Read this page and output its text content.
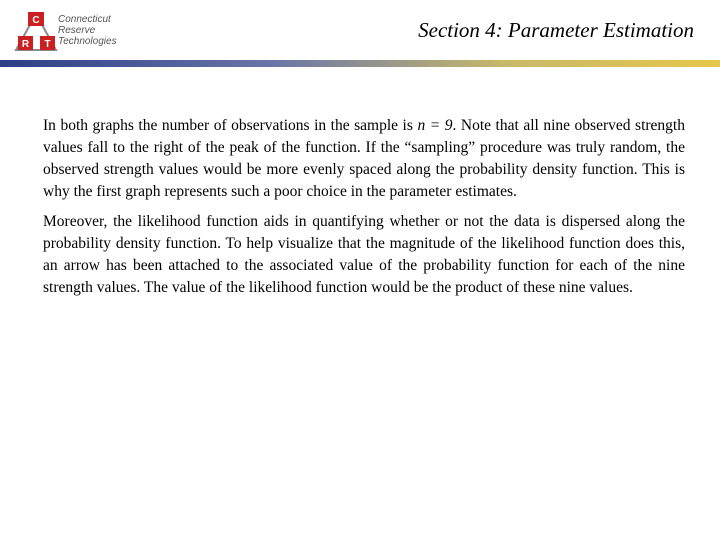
C
R T
Connecticut
Reserve
Technologies	Section 4: Parameter Estimation

In both graphs the number of observations in the sample is n = 9. Note that all nine observed strength values fall to the right of the peak of the function. If the “sampling” procedure was truly random, the observed strength values would be more evenly spaced along the probability density function. This is why the first graph represents such a poor choice in the parameter estimates.

Moreover, the likelihood function aids in quantifying whether or not the data is dispersed along the probability density function. To help visualize that the magnitude of the likelihood function does this, an arrow has been attached to the associated value of the probability function for each of the nine strength values. The value of the likelihood function would be the product of these nine values.
